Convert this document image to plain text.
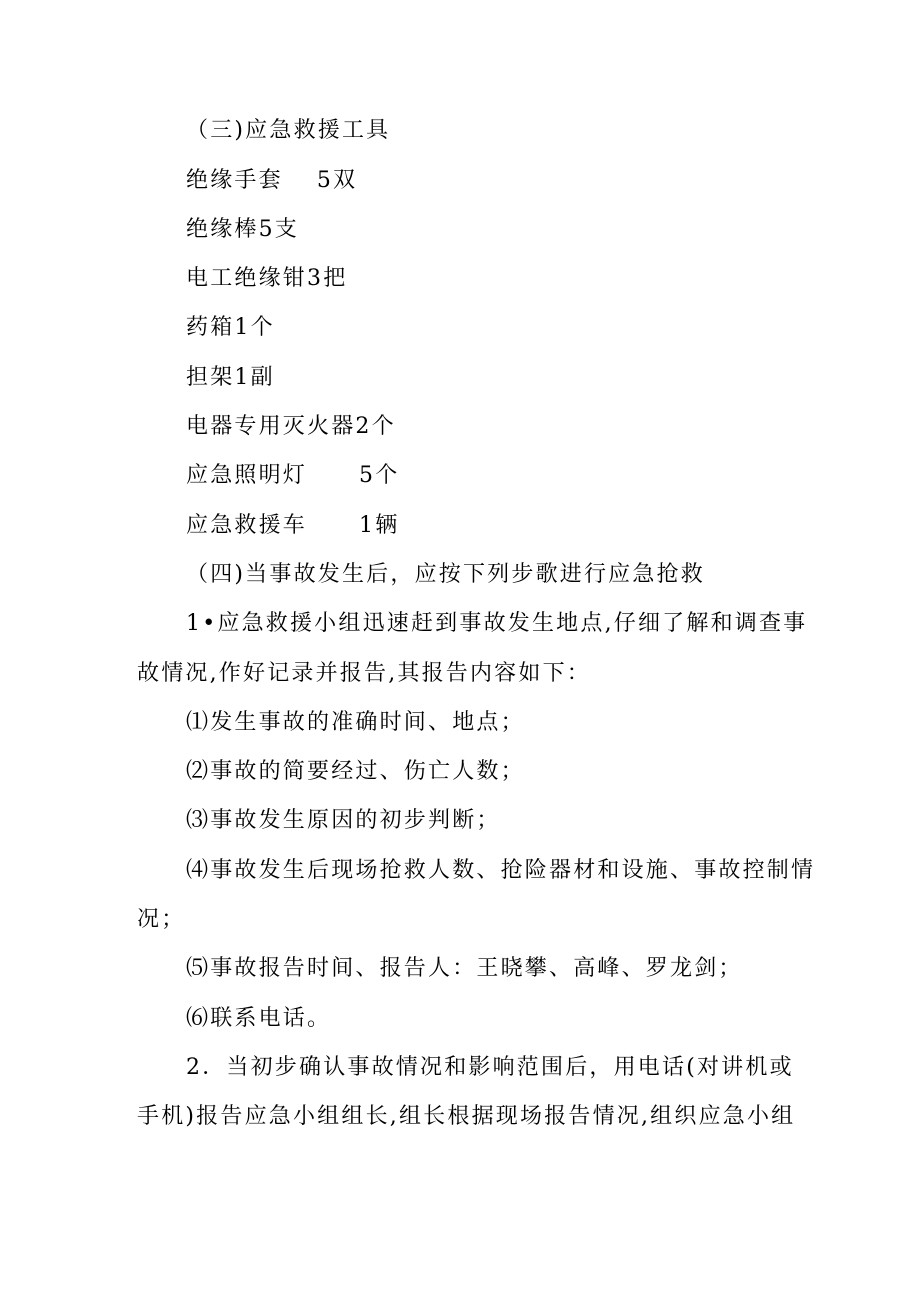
（三)应急救援工具
绝缘手套 5双
绝缘棒5支
电工绝缘钳3把
药箱1个
担架1副
电器专用灭火器2个
应急照明灯 5个
应急救援车 1辆
（四)当事故发生后，应按下列步歌进行应急抢救
1•应急救援小组迅速赶到事故发生地点,仔细了解和调查事
故情况,作好记录并报告,其报告内容如下：
⑴发生事故的准确时间、地点；
⑵事故的简要经过、伤亡人数；
⑶事故发生原因的初步判断；
⑷事故发生后现场抢救人数、抢险器材和设施、事故控制情
况；
⑸事故报告时间、报告人：王晓攀、高峰、罗龙剑；
⑹联系电话。
2．当初步确认事故情况和影响范围后，用电话(对讲机或
手机)报告应急小组组长,组长根据现场报告情况,组织应急小组
